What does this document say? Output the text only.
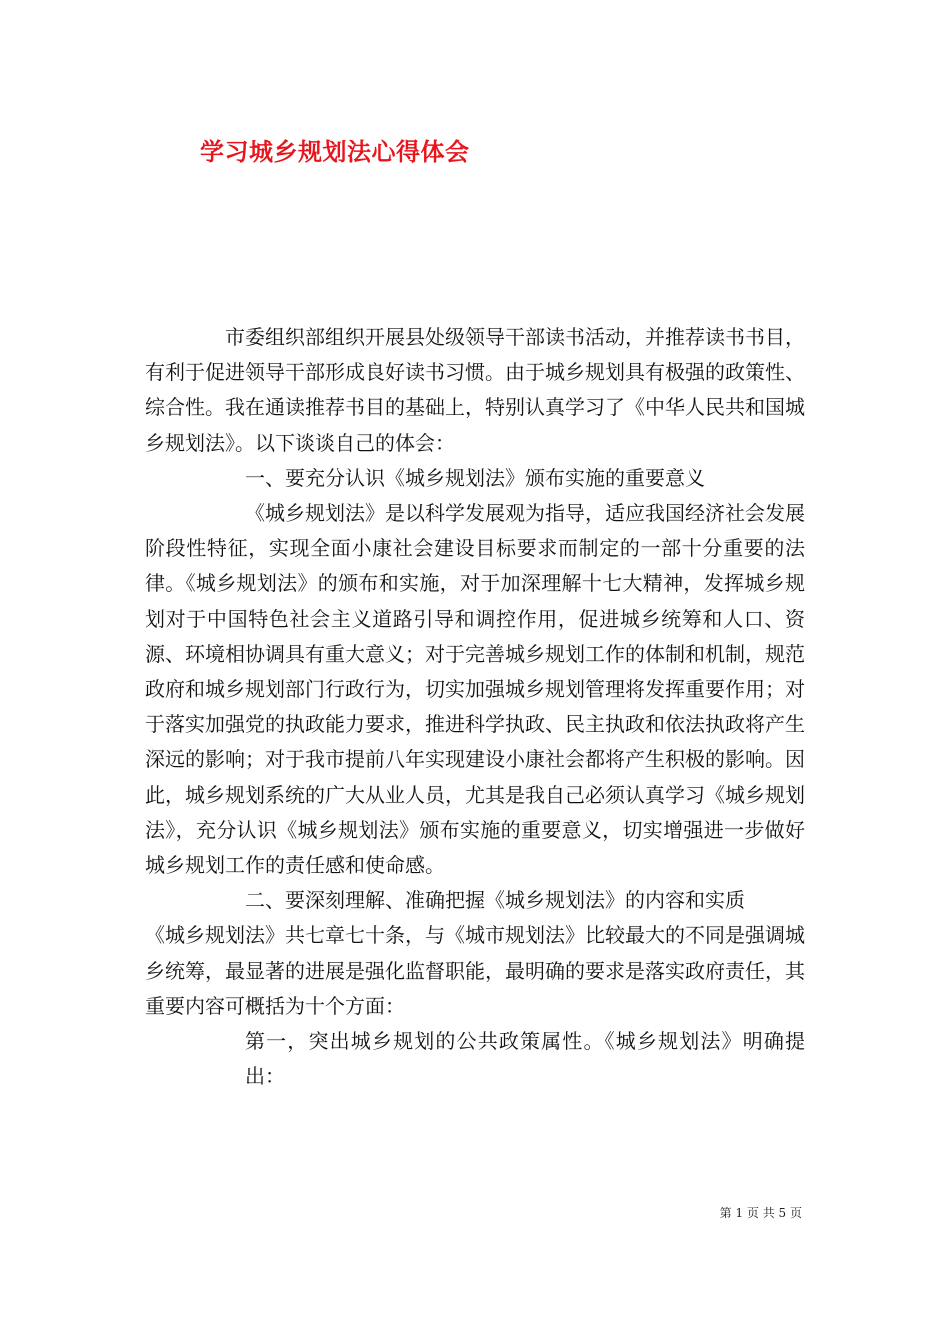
学习城乡规划法心得体会

市委组织部组织开展县处级领导干部读书活动，并推荐读书书目，有利于促进领导干部形成良好读书习惯。由于城乡规划具有极强的政策性、综合性。我在通读推荐书目的基础上，特别认真学习了《中华人民共和国城乡规划法》。以下谈谈自己的体会：

一、要充分认识《城乡规划法》颁布实施的重要意义

《城乡规划法》是以科学发展观为指导，适应我国经济社会发展阶段性特征，实现全面小康社会建设目标要求而制定的一部十分重要的法律。《城乡规划法》的颁布和实施，对于加深理解十七大精神，发挥城乡规划对于中国特色社会主义道路引导和调控作用，促进城乡统筹和人口、资源、环境相协调具有重大意义；对于完善城乡规划工作的体制和机制，规范政府和城乡规划部门行政行为，切实加强城乡规划管理将发挥重要作用；对于落实加强党的执政能力要求，推进科学执政、民主执政和依法执政将产生深远的影响；对于我市提前八年实现建设小康社会都将产生积极的影响。因此，城乡规划系统的广大从业人员，尤其是我自己必须认真学习《城乡规划法》，充分认识《城乡规划法》颁布实施的重要意义，切实增强进一步做好城乡规划工作的责任感和使命感。

二、要深刻理解、准确把握《城乡规划法》的内容和实质

《城乡规划法》共七章七十条，与《城市规划法》比较最大的不同是强调城乡统筹，最显著的进展是强化监督职能，最明确的要求是落实政府责任，其重要内容可概括为十个方面：

第一，突出城乡规划的公共政策属性。《城乡规划法》明确提出：

第 1 页 共 5 页
